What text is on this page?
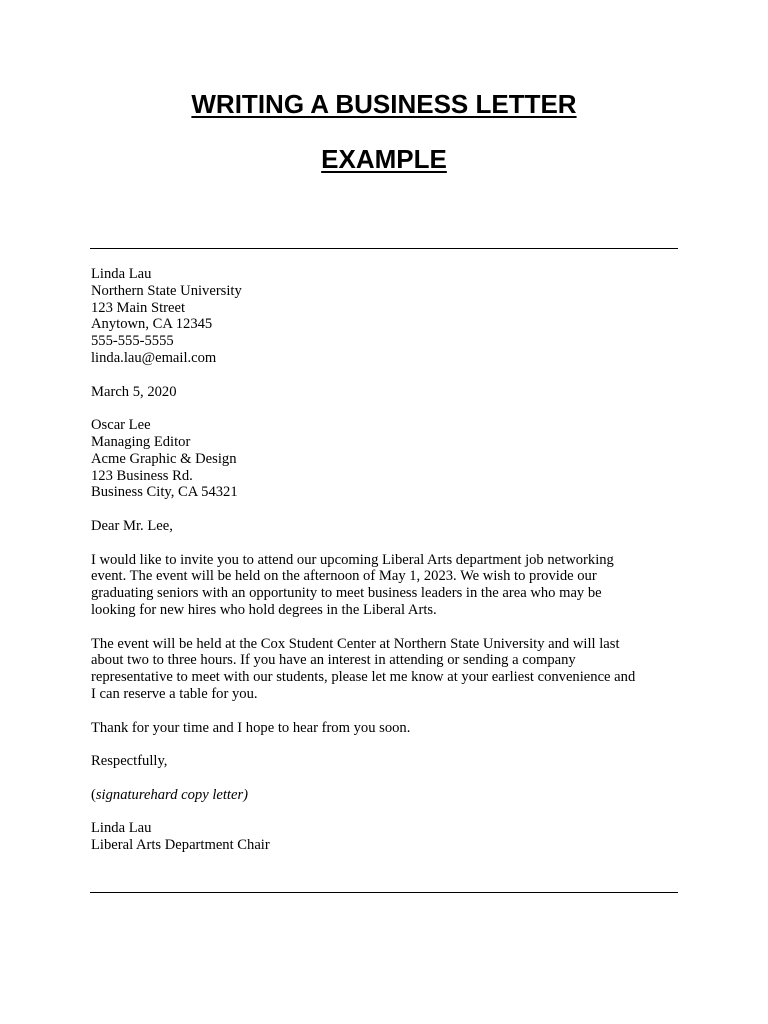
WRITING A BUSINESS LETTER
EXAMPLE
Linda Lau
Northern State University
123 Main Street
Anytown, CA 12345
555-555-5555
linda.lau@email.com
March 5, 2020
Oscar Lee
Managing Editor
Acme Graphic & Design
123 Business Rd.
Business City, CA 54321
Dear Mr. Lee,
I would like to invite you to attend our upcoming Liberal Arts department job networking
event. The event will be held on the afternoon of May 1, 2023. We wish to provide our
graduating seniors with an opportunity to meet business leaders in the area who may be
looking for new hires who hold degrees in the Liberal Arts.
The event will be held at the Cox Student Center at Northern State University and will last
about two to three hours. If you have an interest in attending or sending a company
representative to meet with our students, please let me know at your earliest convenience and
I can reserve a table for you.
Thank for your time and I hope to hear from you soon.
Respectfully,
(signaturehard copy letter)
Linda Lau
Liberal Arts Department Chair
